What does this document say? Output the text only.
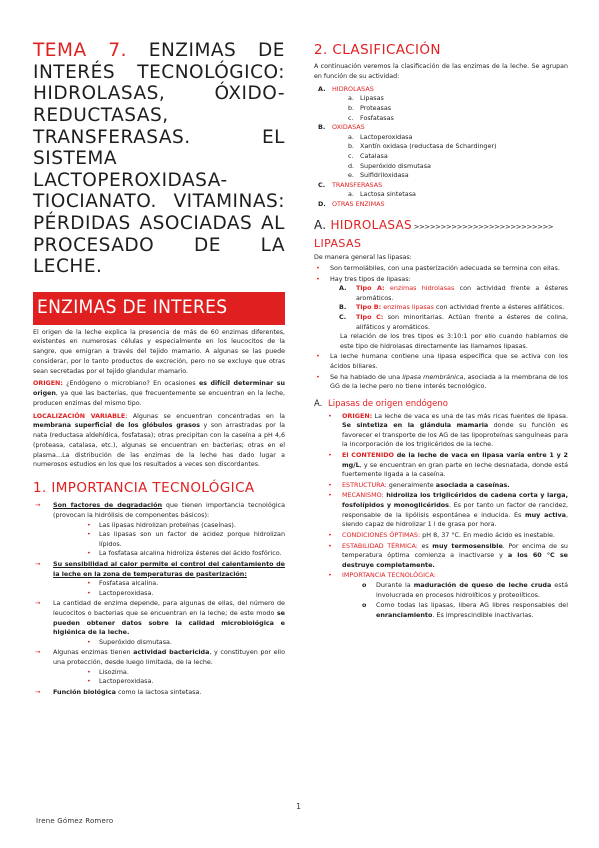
TEMA 7. ENZIMAS DE INTERÉS TECNOLÓGICO: HIDROLASAS, ÓXIDO-REDUCTASAS, TRANSFERASAS. EL SISTEMA LACTOPEROXIDASA-TIOCIANATO. VITAMINAS: PÉRDIDAS ASOCIADAS AL PROCESADO DE LA LECHE.
ENZIMAS DE INTERES

El origen de la leche explica la presencia de más de 60 enzimas diferentes, existentes en numerosas células y especialmente en los leucocitos de la sangre, que emigran a través del tejido mamario. A algunas se las puede considerar, por lo tanto productos de excreción, pero no se excluye que otras sean secretadas por el tejido glandular mamario.

ORIGEN: ¿Endógeno o microbiano? En ocasiones es difícil determinar su origen, ya que las bacterias, que frecuentemente se encuentran en la leche, producen enzimas del mismo tipo.

LOCALIZACIÓN VARIABLE: Algunas se encuentran concentradas en la membrana superficial de los glóbulos grasos y son arrastradas por la nata (reductasa aldehídica, fosfatasa); otras precipitan con la caseína a pH 4,6 (proteasa, catalasa, etc.), algunas se encuentran en bacterias; otras en el plasma…La distribución de las enzimas de la leche has dado lugar a numerosos estudios en los que los resultados a veces son discordantes.

1. IMPORTANCIA TECNOLÓGICA
→ Son factores de degradación que tienen importancia tecnológica (provocan la hidrólisis de componentes básicos):
• Las lipasas hidrolizan proteínas (caseínas).
• Las lipasas son un factor de acidez porque hidrolizan lípidos.
• La fosfatasa alcalina hidroliza ésteres del ácido fosfórico.
→ Su sensibilidad al calor permite el control del calentamiento de la leche en la zona de temperaturas de pasterización:
• Fosfatasa alcalina.
• Lactoperoxidasa.
→ La cantidad de enzima depende, para algunas de ellas, del número de leucocitos o bacterias que se encuentran en la leche; de este modo se pueden obtener datos sobre la calidad microbiológica e higiénica de la leche.
• Superóxido dismutasa.
→ Algunas enzimas tienen actividad bactericida, y constituyen por ello una protección, desde luego limitada, de la leche.
• Lisozima.
• Lactoperoxidasa.
→ Función biológica como la lactosa sintetasa.
2. CLASIFICACIÓN

A continuación veremos la clasificación de las enzimas de la leche. Se agrupan en función de su actividad:

A. HIDROLASAS
a. Lipasas
b. Proteasas
c. Fosfatasas
B. OXIDASAS
a. Lactoperoxidasa
b. Xantín oxidasa (reductasa de Schardinger)
c. Catalasa
d. Superóxido dismutasa
e. Sulfidriloxidasa
C. TRANSFERASAS
a. Lactosa sintetasa
D. OTRAS ENZIMAS
A. HIDROLASAS >>>>>>>>>>>>>>>>>>>>>>>>>>
LIPASAS

De manera general las lipasas:

• Son termolábiles, con una pasterización adecuada se termina con ellas.
• Hay tres tipos de lipasas:
A. Tipo A: enzimas hidrolasas con actividad frente a ésteres aromáticos.
B. Tipo B: enzimas lipasas con actividad frente a ésteres alifáticos.
C. Tipo C: son minoritarias. Actúan frente a ésteres de colina, alifáticos y aromáticos.
La relación de los tres tipos es 3:10:1 por ello cuando hablamos de este tipo de hidrolasas directamente las llamamos lipasas.
• La leche humana contiene una lipasa específica que se activa con los ácidos biliares.
• Se ha hablado de una lipasa membránica, asociada a la membrana de los GG de la leche pero no tiene interés tecnológico.
A. Lipasas de origen endógeno
• ORIGEN: La leche de vaca es una de las más ricas fuentes de lipasa. Se sintetiza en la glándula mamaria donde su función es favorecer el transporte de los AG de las lipoproteínas sanguíneas para la incorporación de los triglicéridos de la leche.
• El CONTENIDO de la leche de vaca en lipasa varía entre 1 y 2 mg/L, y se encuentran en gran parte en leche desnatada, donde está fuertemente ligada a la caseína.
• ESTRUCTURA: generalmente asociada a caseínas.
• MECANISMO: hidroliza los triglicéridos de cadena corta y larga, fosfolípidos y monoglicéridos. Es por tanto un factor de rancidez, responsable de la lipólisis espontánea e inducida. Es muy activa, siendo capaz de hidrolizar 1 l de grasa por hora.
• CONDICIONES ÓPTIMAS: pH 8, 37 °C. En medio ácido es inestable.
• ESTABILIDAD TÉRMICA: es muy termosensible. Por encima de su temperatura óptima comienza a inactivarse y a los 60 °C se destruye completamente.
• IMPORTANCIA TECNOLÓGICA:
o Durante la maduración de queso de leche cruda está involucrada en procesos hidrolíticos y proteolíticos.
o Como todas las lipasas, libera AG libres responsables del enranciamiento. Es imprescindible inactivarlas.
1
Irene Gómez Romero
